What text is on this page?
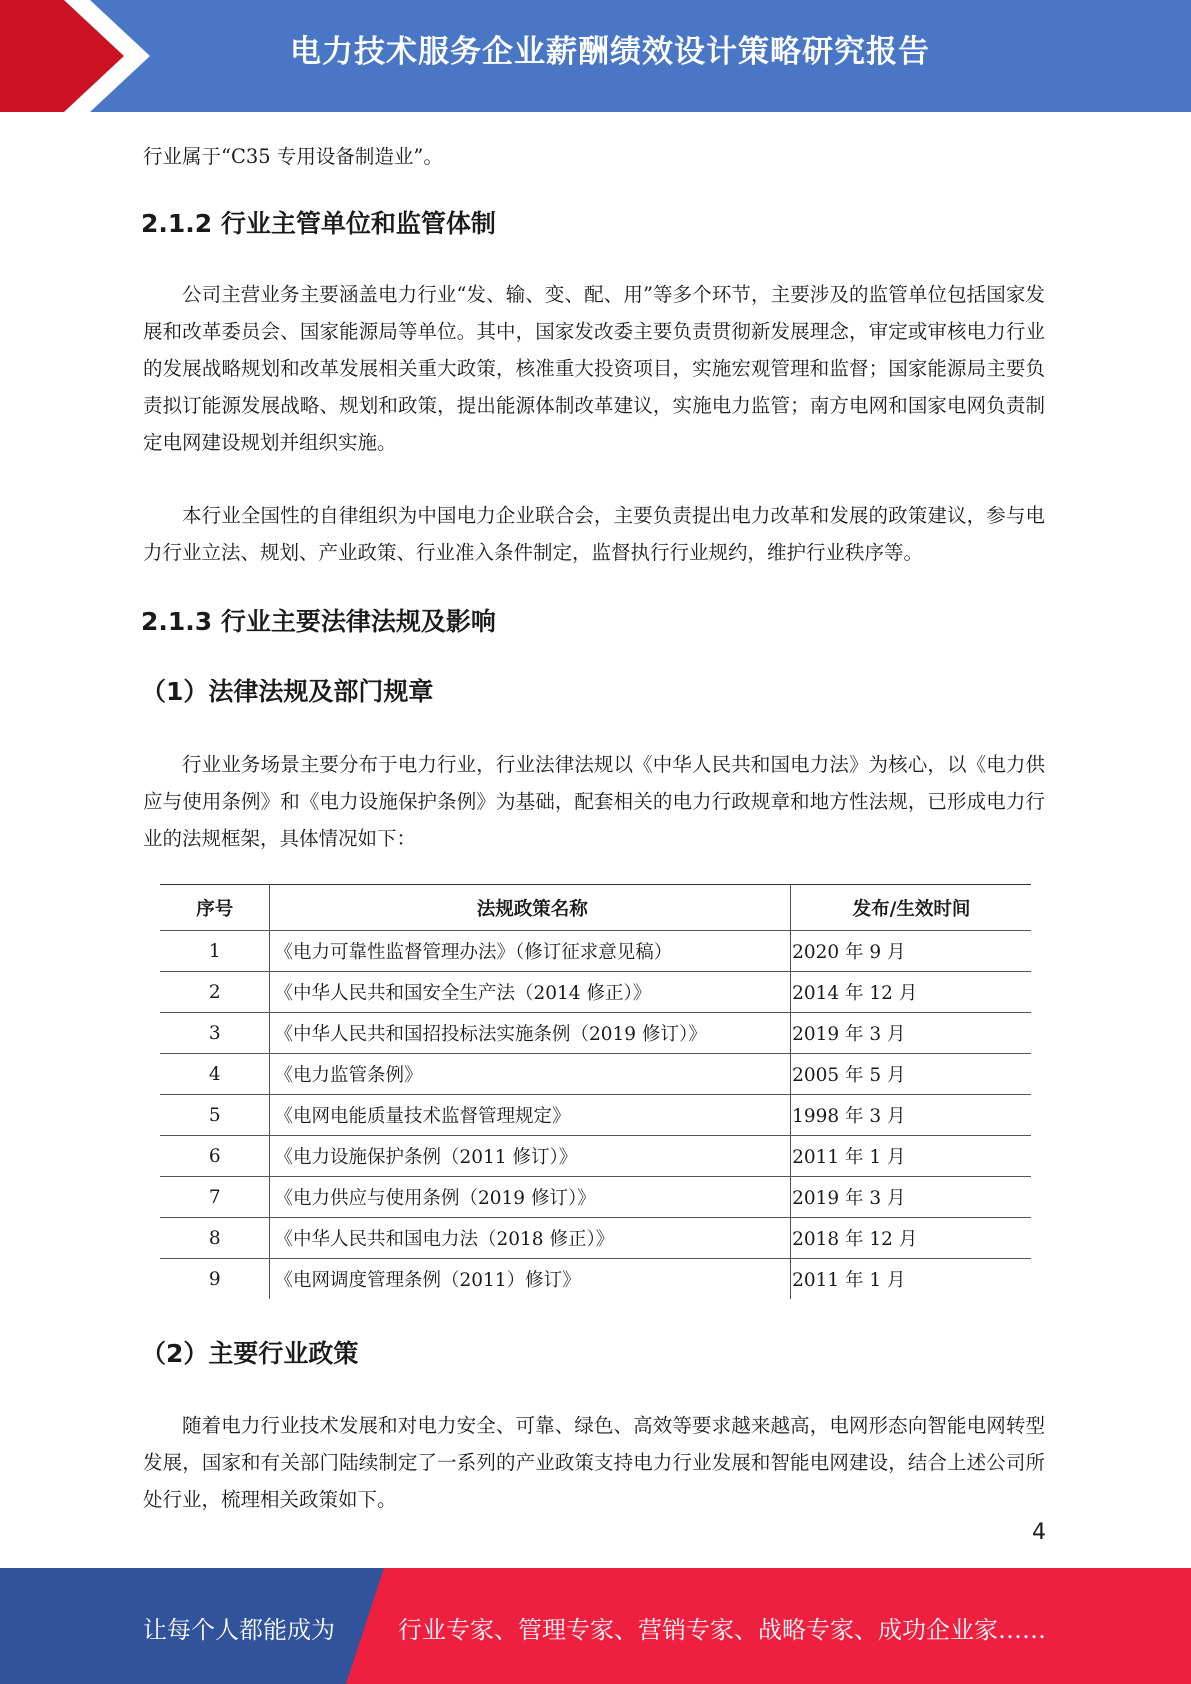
电力技术服务企业薪酬绩效设计策略研究报告

行业属于“C35 专用设备制造业”。

2.1.2 行业主管单位和监管体制

公司主营业务主要涵盖电力行业“发、输、变、配、用”等多个环节，主要涉及的监管单位包括国家发展和改革委员会、国家能源局等单位。其中，国家发改委主要负责贯彻新发展理念，审定或审核电力行业的发展战略规划和改革发展相关重大政策，核准重大投资项目，实施宏观管理和监督；国家能源局主要负责拟订能源发展战略、规划和政策，提出能源体制改革建议，实施电力监管；南方电网和国家电网负责制定电网建设规划并组织实施。

本行业全国性的自律组织为中国电力企业联合会，主要负责提出电力改革和发展的政策建议，参与电力行业立法、规划、产业政策、行业准入条件制定，监督执行行业规约，维护行业秩序等。

2.1.3 行业主要法律法规及影响
（1）法律法规及部门规章

行业业务场景主要分布于电力行业，行业法律法规以《中华人民共和国电力法》为核心，以《电力供应与使用条例》和《电力设施保护条例》为基础，配套相关的电力行政规章和地方性法规，已形成电力行业的法规框架，具体情况如下：

序号	法规政策名称	发布/生效时间
1	《电力可靠性监督管理办法》（修订征求意见稿）	2020 年 9 月
2	《中华人民共和国安全生产法（2014 修正）》	2014 年 12 月
3	《中华人民共和国招投标法实施条例（2019 修订）》	2019 年 3 月
4	《电力监管条例》	2005 年 5 月
5	《电网电能质量技术监督管理规定》	1998 年 3 月
6	《电力设施保护条例（2011 修订）》	2011 年 1 月
7	《电力供应与使用条例（2019 修订）》	2019 年 3 月
8	《中华人民共和国电力法（2018 修正）》	2018 年 12 月
9	《电网调度管理条例（2011）修订》	2011 年 1 月
（2）主要行业政策

随着电力行业技术发展和对电力安全、可靠、绿色、高效等要求越来越高，电网形态向智能电网转型发展，国家和有关部门陆续制定了一系列的产业政策支持电力行业发展和智能电网建设，结合上述公司所处行业，梳理相关政策如下。

4
让每个人都能成为	行业专家、管理专家、营销专家、战略专家、成功企业家……
